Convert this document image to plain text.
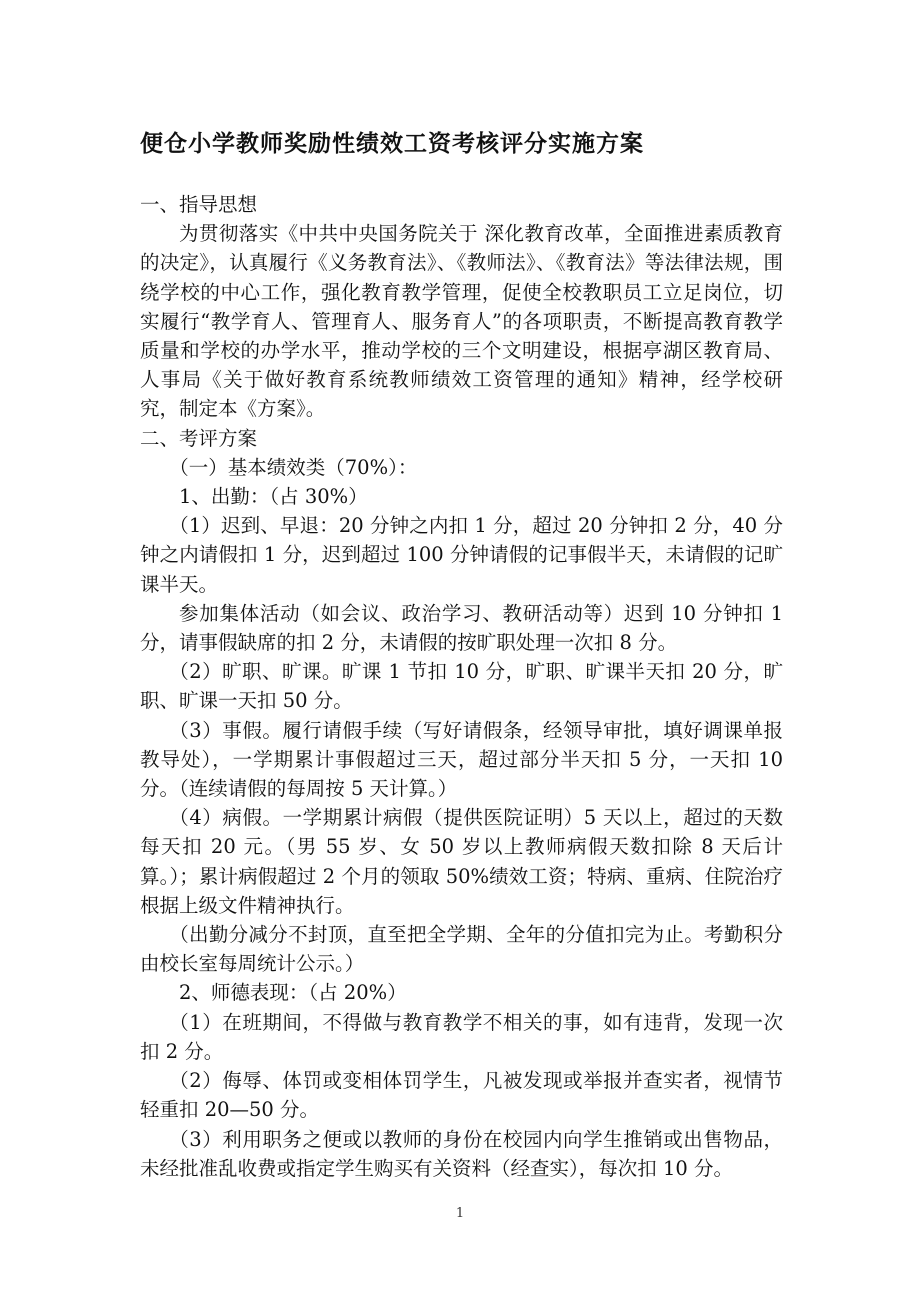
便仓小学教师奖励性绩效工资考核评分实施方案

一、指导思想

为贯彻落实《中共中央国务院关于 深化教育改革，全面推进素质教育的决定》，认真履行《义务教育法》、《教师法》、《教育法》等法律法规，围绕学校的中心工作，强化教育教学管理，促使全校教职员工立足岗位，切实履行“教学育人、管理育人、服务育人”的各项职责，不断提高教育教学质量和学校的办学水平，推动学校的三个文明建设，根据亭湖区教育局、人事局《关于做好教育系统教师绩效工资管理的通知》精神，经学校研究，制定本《方案》。

二、考评方案

（一）基本绩效类（70%）：

1、出勤：（占 30%）

（1）迟到、早退：20 分钟之内扣 1 分，超过 20 分钟扣 2 分，40 分钟之内请假扣 1 分，迟到超过 100 分钟请假的记事假半天，未请假的记旷课半天。

参加集体活动（如会议、政治学习、教研活动等）迟到 10 分钟扣 1 分，请事假缺席的扣 2 分，未请假的按旷职处理一次扣 8 分。

（2）旷职、旷课。旷课 1 节扣 10 分，旷职、旷课半天扣 20 分，旷职、旷课一天扣 50 分。

（3）事假。履行请假手续（写好请假条，经领导审批，填好调课单报教导处），一学期累计事假超过三天，超过部分半天扣 5 分，一天扣 10 分。（连续请假的每周按 5 天计算。）

（4）病假。一学期累计病假（提供医院证明）5 天以上，超过的天数每天扣 20 元。（男 55 岁、女 50 岁以上教师病假天数扣除 8 天后计算。）；累计病假超过 2 个月的领取 50%绩效工资；特病、重病、住院治疗根据上级文件精神执行。

（出勤分减分不封顶，直至把全学期、全年的分值扣完为止。考勤积分由校长室每周统计公示。）

2、师德表现：（占 20%）

（1）在班期间，不得做与教育教学不相关的事，如有违背，发现一次扣 2 分。

（2）侮辱、体罚或变相体罚学生，凡被发现或举报并查实者，视情节轻重扣 20—50 分。

（3）利用职务之便或以教师的身份在校园内向学生推销或出售物品，未经批准乱收费或指定学生购买有关资料（经查实），每次扣 10 分。

1
